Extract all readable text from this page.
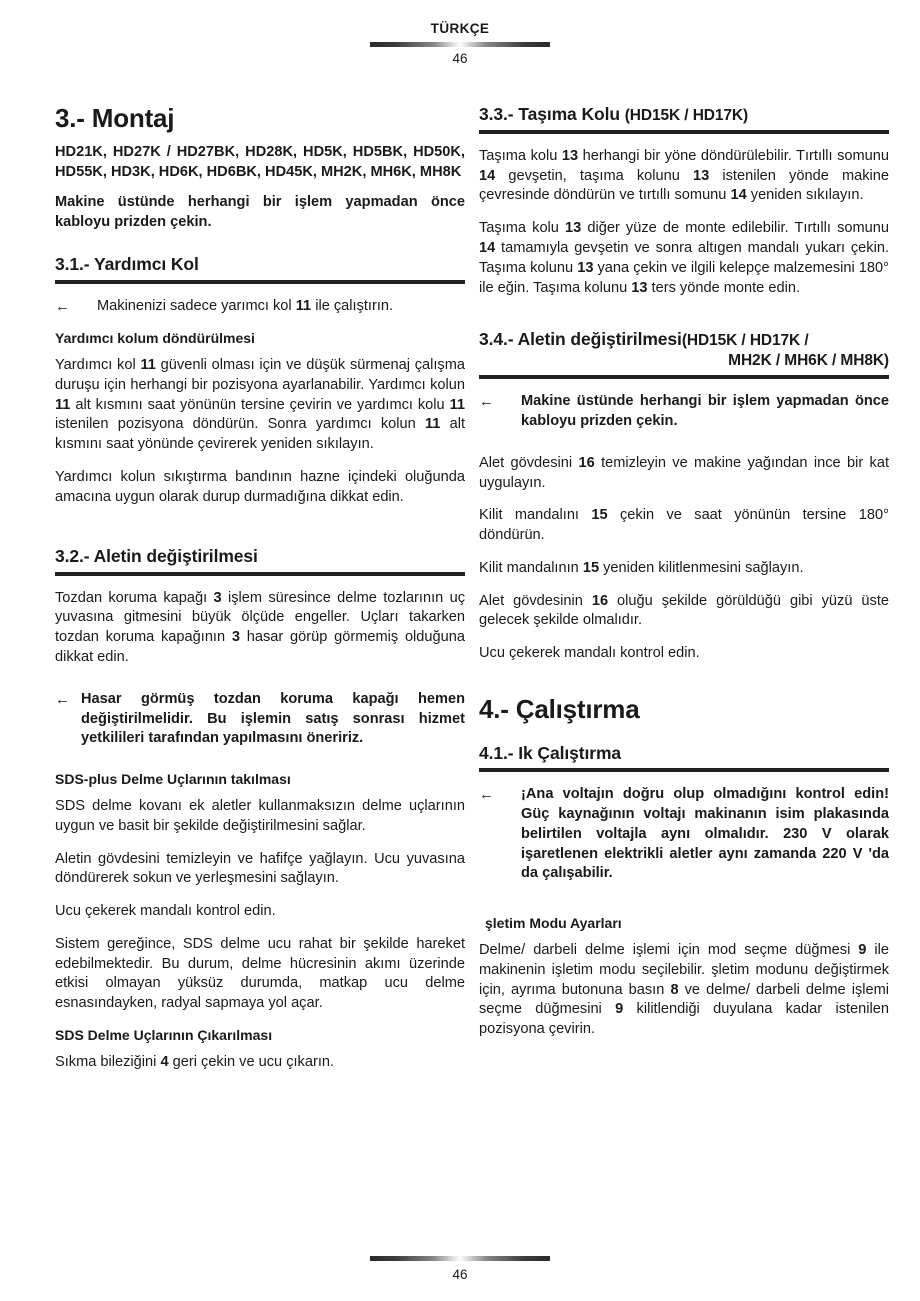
TÜRKÇE
46
3.- Montaj

HD21K, HD27K / HD27BK, HD28K, HD5K, HD5BK, HD50K, HD55K, HD3K, HD6K, HD6BK, HD45K, MH2K, MH6K, MH8K

Makine üstünde herhangi bir işlem yapmadan önce kabloyu prizden çekin.

3.1.- Yardımcı Kol
←	Makinenizi sadece yarımcı kol 11 ile çalıştırın.
Yardımcı kolum döndürülmesi

Yardımcı kol 11 güvenli olması için ve düşük sürmenaj çalışma duruşu için herhangi bir pozisyona ayarlanabilir. Yardımcı kolun 11 alt kısmını saat yönünün tersine çevirin ve yardımcı kolu 11 istenilen pozisyona döndürün. Sonra yardımcı kolun 11 alt kısmını saat yönünde çevirerek yeniden sıkılayın.

Yardımcı kolun sıkıştırma bandının hazne içindeki oluğunda amacına uygun olarak durup durmadığına dikkat edin.

3.2.- Aletin değiştirilmesi

Tozdan koruma kapağı 3 işlem süresince delme tozlarının uç yuvasına gitmesini büyük ölçüde engeller. Uçları takarken tozdan koruma kapağının 3 hasar görüp görmemiş olduğuna dikkat edin.

← Hasar görmüş tozdan koruma kapağı hemen değiştirilmelidir. Bu işlemin satış sonrası hizmet yetkilileri tarafından yapılmasını öneririz.
SDS-plus Delme Uçlarının takılması

SDS delme kovanı ek aletler kullanmaksızın delme uçlarının uygun ve basit bir şekilde değiştirilmesini sağlar.

Aletin gövdesini temizleyin ve hafifçe yağlayın. Ucu yuvasına döndürerek sokun ve yerleşmesini sağlayın.

Ucu çekerek mandalı kontrol edin.

Sistem gereğince, SDS delme ucu rahat bir şekilde hareket edebilmektedir. Bu durum, delme hücresinin akımı üzerinde etkisi olmayan yüksüz durumda, matkap ucu delme esnasındayken, radyal sapmaya yol açar.

SDS Delme Uçlarının Çıkarılması

Sıkma bileziğini 4 geri çekin ve ucu çıkarın.

3.3.- Taşıma Kolu (HD15K / HD17K)

Taşıma kolu 13 herhangi bir yöne döndürülebilir. Tırtıllı somunu 14 gevşetin, taşıma kolunu 13 istenilen yönde makine çevresinde döndürün ve tırtıllı somunu 14 yeniden sıkılayın.

Taşıma kolu 13 diğer yüze de monte edilebilir. Tırtıllı somunu 14 tamamıyla gevşetin ve sonra altıgen mandalı yukarı çekin. Taşıma kolunu 13 yana çekin ve ilgili kelepçe malzemesini 180° ile eğin. Taşıma kolunu 13 ters yönde monte edin.

3.4.- Aletin değiştirilmesi(HD15K / HD17K /
MH2K / MH6K / MH8K)
←	Makine üstünde herhangi bir işlem yapmadan önce kabloyu prizden çekin.

Alet gövdesini 16 temizleyin ve makine yağından ince bir kat uygulayın.

Kilit mandalını 15 çekin ve saat yönünün tersine 180° döndürün.

Kilit mandalının 15 yeniden kilitlenmesini sağlayın.

Alet gövdesinin 16 oluğu şekilde görüldüğü gibi yüzü üste gelecek şekilde olmalıdır.

Ucu çekerek mandalı kontrol edin.

4.- Çalıştırma
4.1.- Ik Çalıştırma
←	¡Ana voltajın doğru olup olmadığını kontrol edin! Güç kaynağının voltajı makinanın isim plakasında belirtilen voltajla aynı olmalıdır. 230 V olarak işaretlenen elektrikli aletler aynı zamanda 220 V 'da da çalışabilir.
şletim Modu Ayarları

Delme/ darbeli delme işlemi için mod seçme düğmesi 9 ile makinenin işletim modu seçilebilir. şletim modunu değiştirmek için, ayrıma butonuna basın 8 ve delme/ darbeli delme işlemi seçme düğmesini 9 kilitlendiği duyulana kadar istenilen pozisyona çevirin.

46
